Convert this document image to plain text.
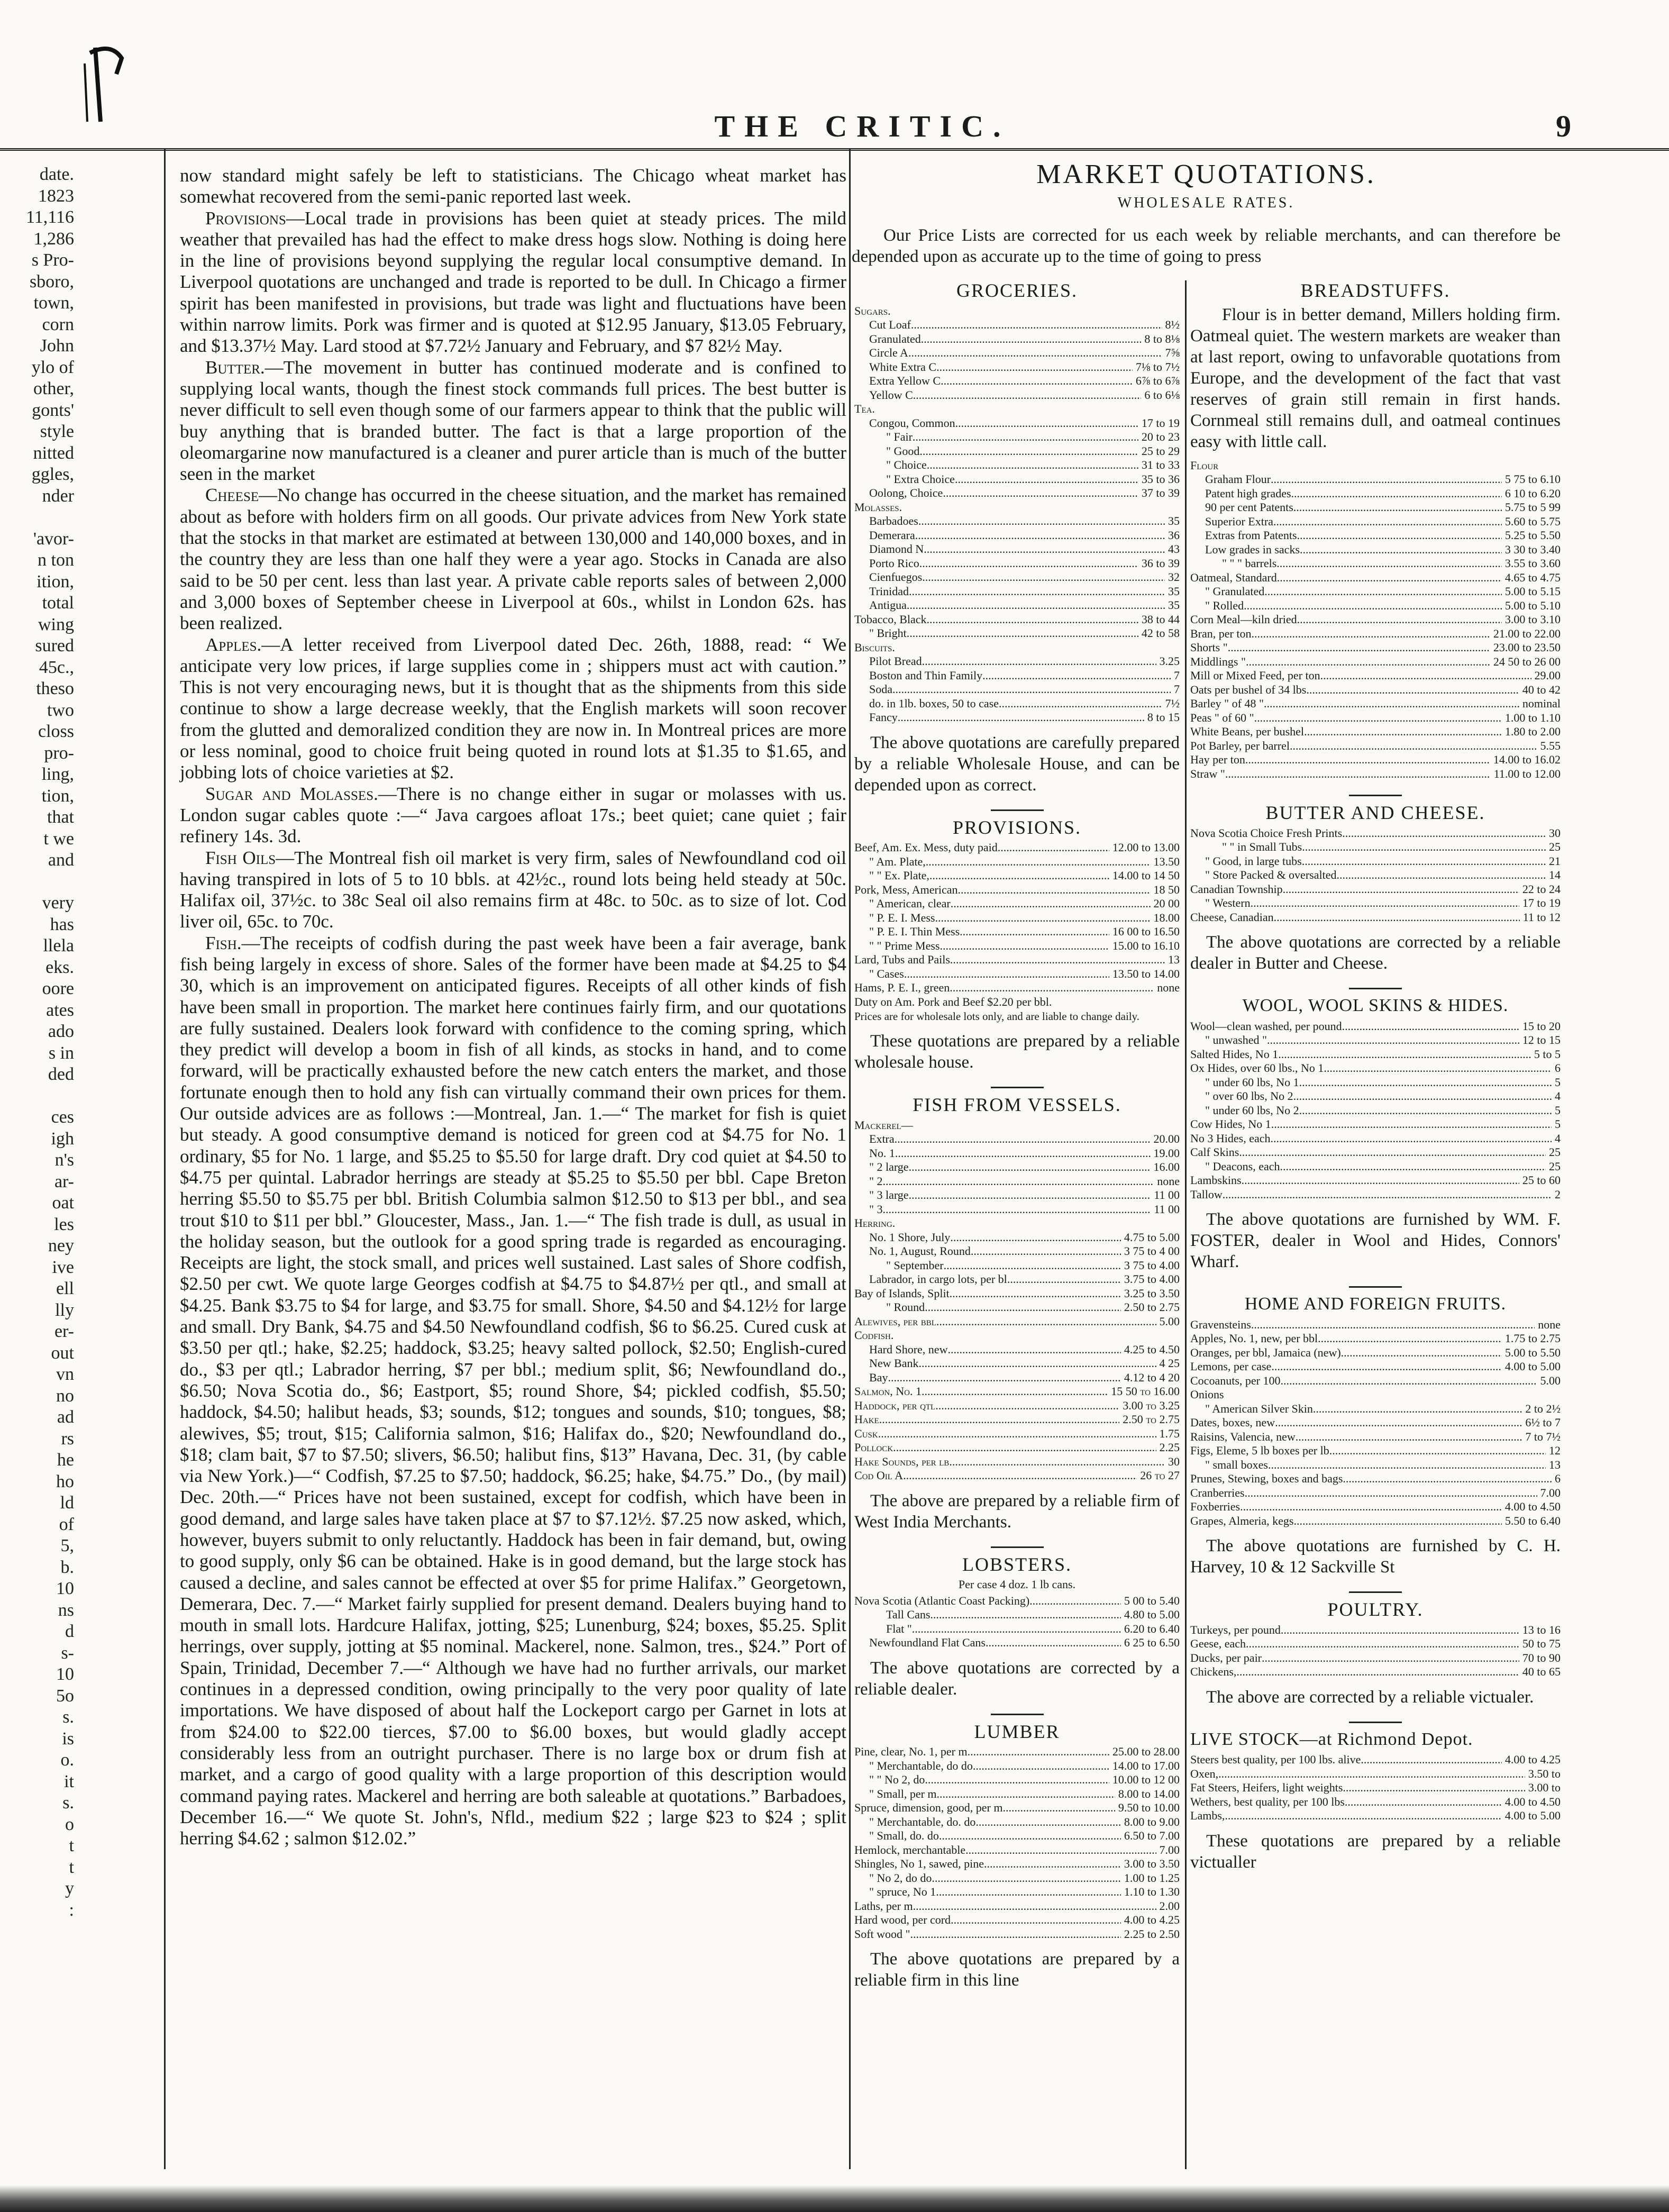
THE CRITIC.	9
date.
1823
11,116
1,286
s Pro-
sboro,
town,
corn
John
ylo of
other,
gonts'
style
nitted
ggles,
nder

'avor-
n ton
ition,
total
wing
sured
45c.,
theso
two
closs
pro-
ling,
tion,
that
t we
and

very
has
llela
eks.
oore
ates
ado
s in
ded

ces
igh
n's
ar-
oat
les
ney
ive
ell
lly
er-
out
vn
no
ad
rs
he
ho
ld
of
5,
b.
10
ns
d
s-
10
5o
s.
is
o.
it
s.
o
t
t
y
:

now standard might safely be left to statisticians. The Chicago wheat market has somewhat recovered from the semi-panic reported last week.

Provisions—Local trade in provisions has been quiet at steady prices. The mild weather that prevailed has had the effect to make dress hogs slow. Nothing is doing here in the line of provisions beyond supplying the regular local consumptive demand. In Liverpool quotations are unchanged and trade is reported to be dull. In Chicago a firmer spirit has been manifested in provisions, but trade was light and fluctuations have been within narrow limits. Pork was firmer and is quoted at $12.95 January, $13.05 February, and $13.37½ May. Lard stood at $7.72½ January and February, and $7 82½ May.

Butter.—The movement in butter has continued moderate and is confined to supplying local wants, though the finest stock commands full prices. The best butter is never difficult to sell even though some of our farmers appear to think that the public will buy anything that is branded butter. The fact is that a large proportion of the oleomargarine now manufactured is a cleaner and purer article than is much of the butter seen in the market

Cheese—No change has occurred in the cheese situation, and the market has remained about as before with holders firm on all goods. Our private advices from New York state that the stocks in that market are estimated at between 130,000 and 140,000 boxes, and in the country they are less than one half they were a year ago. Stocks in Canada are also said to be 50 per cent. less than last year. A private cable reports sales of between 2,000 and 3,000 boxes of September cheese in Liverpool at 60s., whilst in London 62s. has been realized.

Apples.—A letter received from Liverpool dated Dec. 26th, 1888, read: “ We anticipate very low prices, if large supplies come in ; shippers must act with caution.” This is not very encouraging news, but it is thought that as the shipments from this side continue to show a large decrease weekly, that the English markets will soon recover from the glutted and demoralized condition they are now in. In Montreal prices are more or less nominal, good to choice fruit being quoted in round lots at $1.35 to $1.65, and jobbing lots of choice varieties at $2.

Sugar and Molasses.—There is no change either in sugar or molasses with us. London sugar cables quote :—“ Java cargoes afloat 17s.; beet quiet; cane quiet ; fair refinery 14s. 3d.

Fish Oils—The Montreal fish oil market is very firm, sales of Newfoundland cod oil having transpired in lots of 5 to 10 bbls. at 42½c., round lots being held steady at 50c. Halifax oil, 37½c. to 38c Seal oil also remains firm at 48c. to 50c. as to size of lot. Cod liver oil, 65c. to 70c.

Fish.—The receipts of codfish during the past week have been a fair average, bank fish being largely in excess of shore. Sales of the former have been made at $4.25 to $4 30, which is an improvement on anticipated figures. Receipts of all other kinds of fish have been small in proportion. The market here continues fairly firm, and our quotations are fully sustained. Dealers look forward with confidence to the coming spring, which they predict will develop a boom in fish of all kinds, as stocks in hand, and to come forward, will be practically exhausted before the new catch enters the market, and those fortunate enough then to hold any fish can virtually command their own prices for them. Our outside advices are as follows :—Montreal, Jan. 1.—“ The market for fish is quiet but steady. A good consumptive demand is noticed for green cod at $4.75 for No. 1 ordinary, $5 for No. 1 large, and $5.25 to $5.50 for large draft. Dry cod quiet at $4.50 to $4.75 per quintal. Labrador herrings are steady at $5.25 to $5.50 per bbl. Cape Breton herring $5.50 to $5.75 per bbl. British Columbia salmon $12.50 to $13 per bbl., and sea trout $10 to $11 per bbl.” Gloucester, Mass., Jan. 1.—“ The fish trade is dull, as usual in the holiday season, but the outlook for a good spring trade is regarded as encouraging. Receipts are light, the stock small, and prices well sustained. Last sales of Shore codfish, $2.50 per cwt. We quote large Georges codfish at $4.75 to $4.87½ per qtl., and small at $4.25. Bank $3.75 to $4 for large, and $3.75 for small. Shore, $4.50 and $4.12½ for large and small. Dry Bank, $4.75 and $4.50 Newfoundland codfish, $6 to $6.25. Cured cusk at $3.50 per qtl.; hake, $2.25; haddock, $3.25; heavy salted pollock, $2.50; English-cured do., $3 per qtl.; Labrador herring, $7 per bbl.; medium split, $6; Newfoundland do., $6.50; Nova Scotia do., $6; Eastport, $5; round Shore, $4; pickled codfish, $5.50; haddock, $4.50; halibut heads, $3; sounds, $12; tongues and sounds, $10; tongues, $8; alewives, $5; trout, $15; California salmon, $16; Halifax do., $20; Newfoundland do., $18; clam bait, $7 to $7.50; slivers, $6.50; halibut fins, $13” Havana, Dec. 31, (by cable via New York.)—“ Codfish, $7.25 to $7.50; haddock, $6.25; hake, $4.75.” Do., (by mail) Dec. 20th.—“ Prices have not been sustained, except for codfish, which have been in good demand, and large sales have taken place at $7 to $7.12½. $7.25 now asked, which, however, buyers submit to only reluctantly. Haddock has been in fair demand, but, owing to good supply, only $6 can be obtained. Hake is in good demand, but the large stock has caused a decline, and sales cannot be effected at over $5 for prime Halifax.” Georgetown, Demerara, Dec. 7.—“ Market fairly supplied for present demand. Dealers buying hand to mouth in small lots. Hardcure Halifax, jotting, $25; Lunenburg, $24; boxes, $5.25. Split herrings, over supply, jotting at $5 nominal. Mackerel, none. Salmon, tres., $24.” Port of Spain, Trinidad, December 7.—“ Although we have had no further arrivals, our market continues in a depressed condition, owing principally to the very poor quality of late importations. We have disposed of about half the Lockeport cargo per Garnet in lots at from $24.00 to $22.00 tierces, $7.00 to $6.00 boxes, but would gladly accept considerably less from an outright purchaser. There is no large box or drum fish at market, and a cargo of good quality with a large proportion of this description would command paying rates. Mackerel and herring are both saleable at quotations.” Barbadoes, December 16.—“ We quote St. John's, Nfld., medium $22 ; large $23 to $24 ; split herring $4.62 ; salmon $12.02.”

MARKET QUOTATIONS.
WHOLESALE RATES.
Our Price Lists are corrected for us each week by reliable merchants, and can therefore be depended upon as accurate up to the time of going to press
GROCERIES.
Sugars.
Cut Loaf .....	8½
Granulated .....	8 to 8⅛
Circle A .....	7⅝
White Extra C .....	7⅛ to 7½
Extra Yellow C .....	6⅞ to 6⅞
Yellow C .....	6 to 6⅛
Tea.
Congou, Common .....	17 to 19
" Fair .....	20 to 23
" Good .....	25 to 29
" Choice .....	31 to 33
" Extra Choice .....	35 to 36
Oolong, Choice .....	37 to 39
Molasses.
Barbadoes .....	35
Demerara .....	36
Diamond N .....	43
Porto Rico .....	36 to 39
Cienfuegos .....	32
Trinidad .....	35
Antigua .....	35
Tobacco, Black .....	38 to 44
" Bright .....	42 to 58
Biscuits.
Pilot Bread .....	3.25
Boston and Thin Family .....	7
Soda .....	7
do. in 1lb. boxes, 50 to case .....	7½
Fancy .....	8 to 15
The above quotations are carefully prepared by a reliable Wholesale House, and can be depended upon as correct.
PROVISIONS.
Beef, Am. Ex. Mess, duty paid .....	12.00 to 13.00
" Am. Plate, .....	13.50
" " Ex. Plate, .....	14.00 to 14 50
Pork, Mess, American .....	18 50
" American, clear .....	20 00
" P. E. I. Mess .....	18.00
" P. E. I. Thin Mess .....	16 00 to 16.50
" " Prime Mess .....	15.00 to 16.10
Lard, Tubs and Pails .....	13
" Cases .....	13.50 to 14.00
Hams, P. E. I., green .....	none
Duty on Am. Pork and Beef $2.20 per bbl.
Prices are for wholesale lots only, and are liable to change daily.
These quotations are prepared by a reliable wholesale house.
FISH FROM VESSELS.
Mackerel—
Extra .....	20.00
No. 1 .....	19.00
" 2 large .....	16.00
" 2 .....	none
" 3 large .....	11 00
" 3 .....	11 00
Herring.
No. 1 Shore, July .....	4.75 to 5.00
No. 1, August, Round .....	3 75 to 4 00
" September .....	3 75 to 4.00
Labrador, in cargo lots, per bl .....	3.75 to 4.00
Bay of Islands, Split .....	3.25 to 3.50
" Round .....	2.50 to 2.75
Alewives, per bbl .....	5.00
Codfish.
Hard Shore, new .....	4.25 to 4.50
New Bank .....	4 25
Bay .....	4.12 to 4 20
Salmon, No. 1 .....	15 50 to 16.00
Haddock, per qtl .....	3.00 to 3.25
Hake .....	2.50 to 2.75
Cusk .....	1.75
Pollock .....	2.25
Hake Sounds, per lb .....	30
Cod Oil A .....	26 to 27
The above are prepared by a reliable firm of West India Merchants.
LOBSTERS.
Per case 4 doz. 1 lb cans.
Nova Scotia (Atlantic Coast Packing) .....	5 00 to 5.40
Tall Cans .....	4.80 to 5.00
Flat " .....	6.20 to 6.40
Newfoundland Flat Cans .....	6 25 to 6.50
The above quotations are corrected by a reliable dealer.
LUMBER
Pine, clear, No. 1, per m .....	25.00 to 28.00
" Merchantable, do do .....	14.00 to 17.00
" " No 2, do .....	10.00 to 12 00
" Small, per m .....	8.00 to 14.00
Spruce, dimension, good, per m .....	9.50 to 10.00
" Merchantable, do. do .....	8.00 to 9.00
" Small, do. do .....	6.50 to 7.00
Hemlock, merchantable .....	7.00
Shingles, No 1, sawed, pine .....	3.00 to 3.50
" No 2, do do .....	1.00 to 1.25
" spruce, No 1 .....	1.10 to 1.30
Laths, per m .....	2.00
Hard wood, per cord .....	4.00 to 4.25
Soft wood " .....	2.25 to 2.50
The above quotations are prepared by a reliable firm in this line
BREADSTUFFS.
Flour is in better demand, Millers holding firm. Oatmeal quiet. The western markets are weaker than at last report, owing to unfavorable quotations from Europe, and the development of the fact that vast reserves of grain still remain in first hands. Cornmeal still remains dull, and oatmeal continues easy with little call.
Flour
Graham Flour .....	5 75 to 6.10
Patent high grades .....	6 10 to 6.20
90 per cent Patents .....	5.75 to 5 99
Superior Extra .....	5.60 to 5.75
Extras from Patents .....	5.25 to 5.50
Low grades in sacks .....	3 30 to 3.40
" " " barrels .....	3.55 to 3.60
Oatmeal, Standard .....	4.65 to 4.75
" Granulated .....	5.00 to 5.15
" Rolled .....	5.00 to 5.10
Corn Meal—kiln dried .....	3.00 to 3.10
Bran, per ton .....	21.00 to 22.00
Shorts " .....	23.00 to 23.50
Middlings " .....	24 50 to 26 00
Mill or Mixed Feed, per ton .....	29.00
Oats per bushel of 34 lbs .....	40 to 42
Barley " of 48 " .....	nominal
Peas " of 60 " .....	1.00 to 1.10
White Beans, per bushel .....	1.80 to 2.00
Pot Barley, per barrel .....	5.55
Hay per ton .....	14.00 to 16.02
Straw " .....	11.00 to 12.00
BUTTER AND CHEESE.
Nova Scotia Choice Fresh Prints .....	30
" " in Small Tubs .....	25
" Good, in large tubs .....	21
" Store Packed & oversalted .....	14
Canadian Township .....	22 to 24
" Western .....	17 to 19
Cheese, Canadian .....	11 to 12
The above quotations are corrected by a reliable dealer in Butter and Cheese.
WOOL, WOOL SKINS & HIDES.
Wool—clean washed, per pound .....	15 to 20
" unwashed " .....	12 to 15
Salted Hides, No 1 .....	5 to 5
Ox Hides, over 60 lbs., No 1 .....	6
" under 60 lbs, No 1 .....	5
" over 60 lbs, No 2 .....	4
" under 60 lbs, No 2 .....	5
Cow Hides, No 1 .....	5
No 3 Hides, each .....	4
Calf Skins .....	25
" Deacons, each .....	25
Lambskins .....	25 to 60
Tallow .....	2
The above quotations are furnished by WM. F. FOSTER, dealer in Wool and Hides, Connors' Wharf.
HOME AND FOREIGN FRUITS.
Gravensteins .....	none
Apples, No. 1, new, per bbl .....	1.75 to 2.75
Oranges, per bbl, Jamaica (new) .....	5.00 to 5.50
Lemons, per case .....	4.00 to 5.00
Cocoanuts, per 100 .....	5.00
Onions
" American Silver Skin .....	2 to 2½
Dates, boxes, new .....	6½ to 7
Raisins, Valencia, new .....	7 to 7½
Figs, Eleme, 5 lb boxes per lb .....	12
" small boxes .....	13
Prunes, Stewing, boxes and bags .....	6
Cranberries .....	7.00
Foxberries .....	4.00 to 4.50
Grapes, Almeria, kegs .....	5.50 to 6.40
The above quotations are furnished by C. H. Harvey, 10 & 12 Sackville St
POULTRY.
Turkeys, per pound .....	13 to 16
Geese, each .....	50 to 75
Ducks, per pair .....	70 to 90
Chickens, .....	40 to 65
The above are corrected by a reliable victualer.
LIVE STOCK—at Richmond Depot.
Steers best quality, per 100 lbs. alive .....	4.00 to 4.25
Oxen, .....	3.50 to
Fat Steers, Heifers, light weights .....	3.00 to
Wethers, best quality, per 100 lbs .....	4.00 to 4.50
Lambs, .....	4.00 to 5.00
These quotations are prepared by a reliable victualler
